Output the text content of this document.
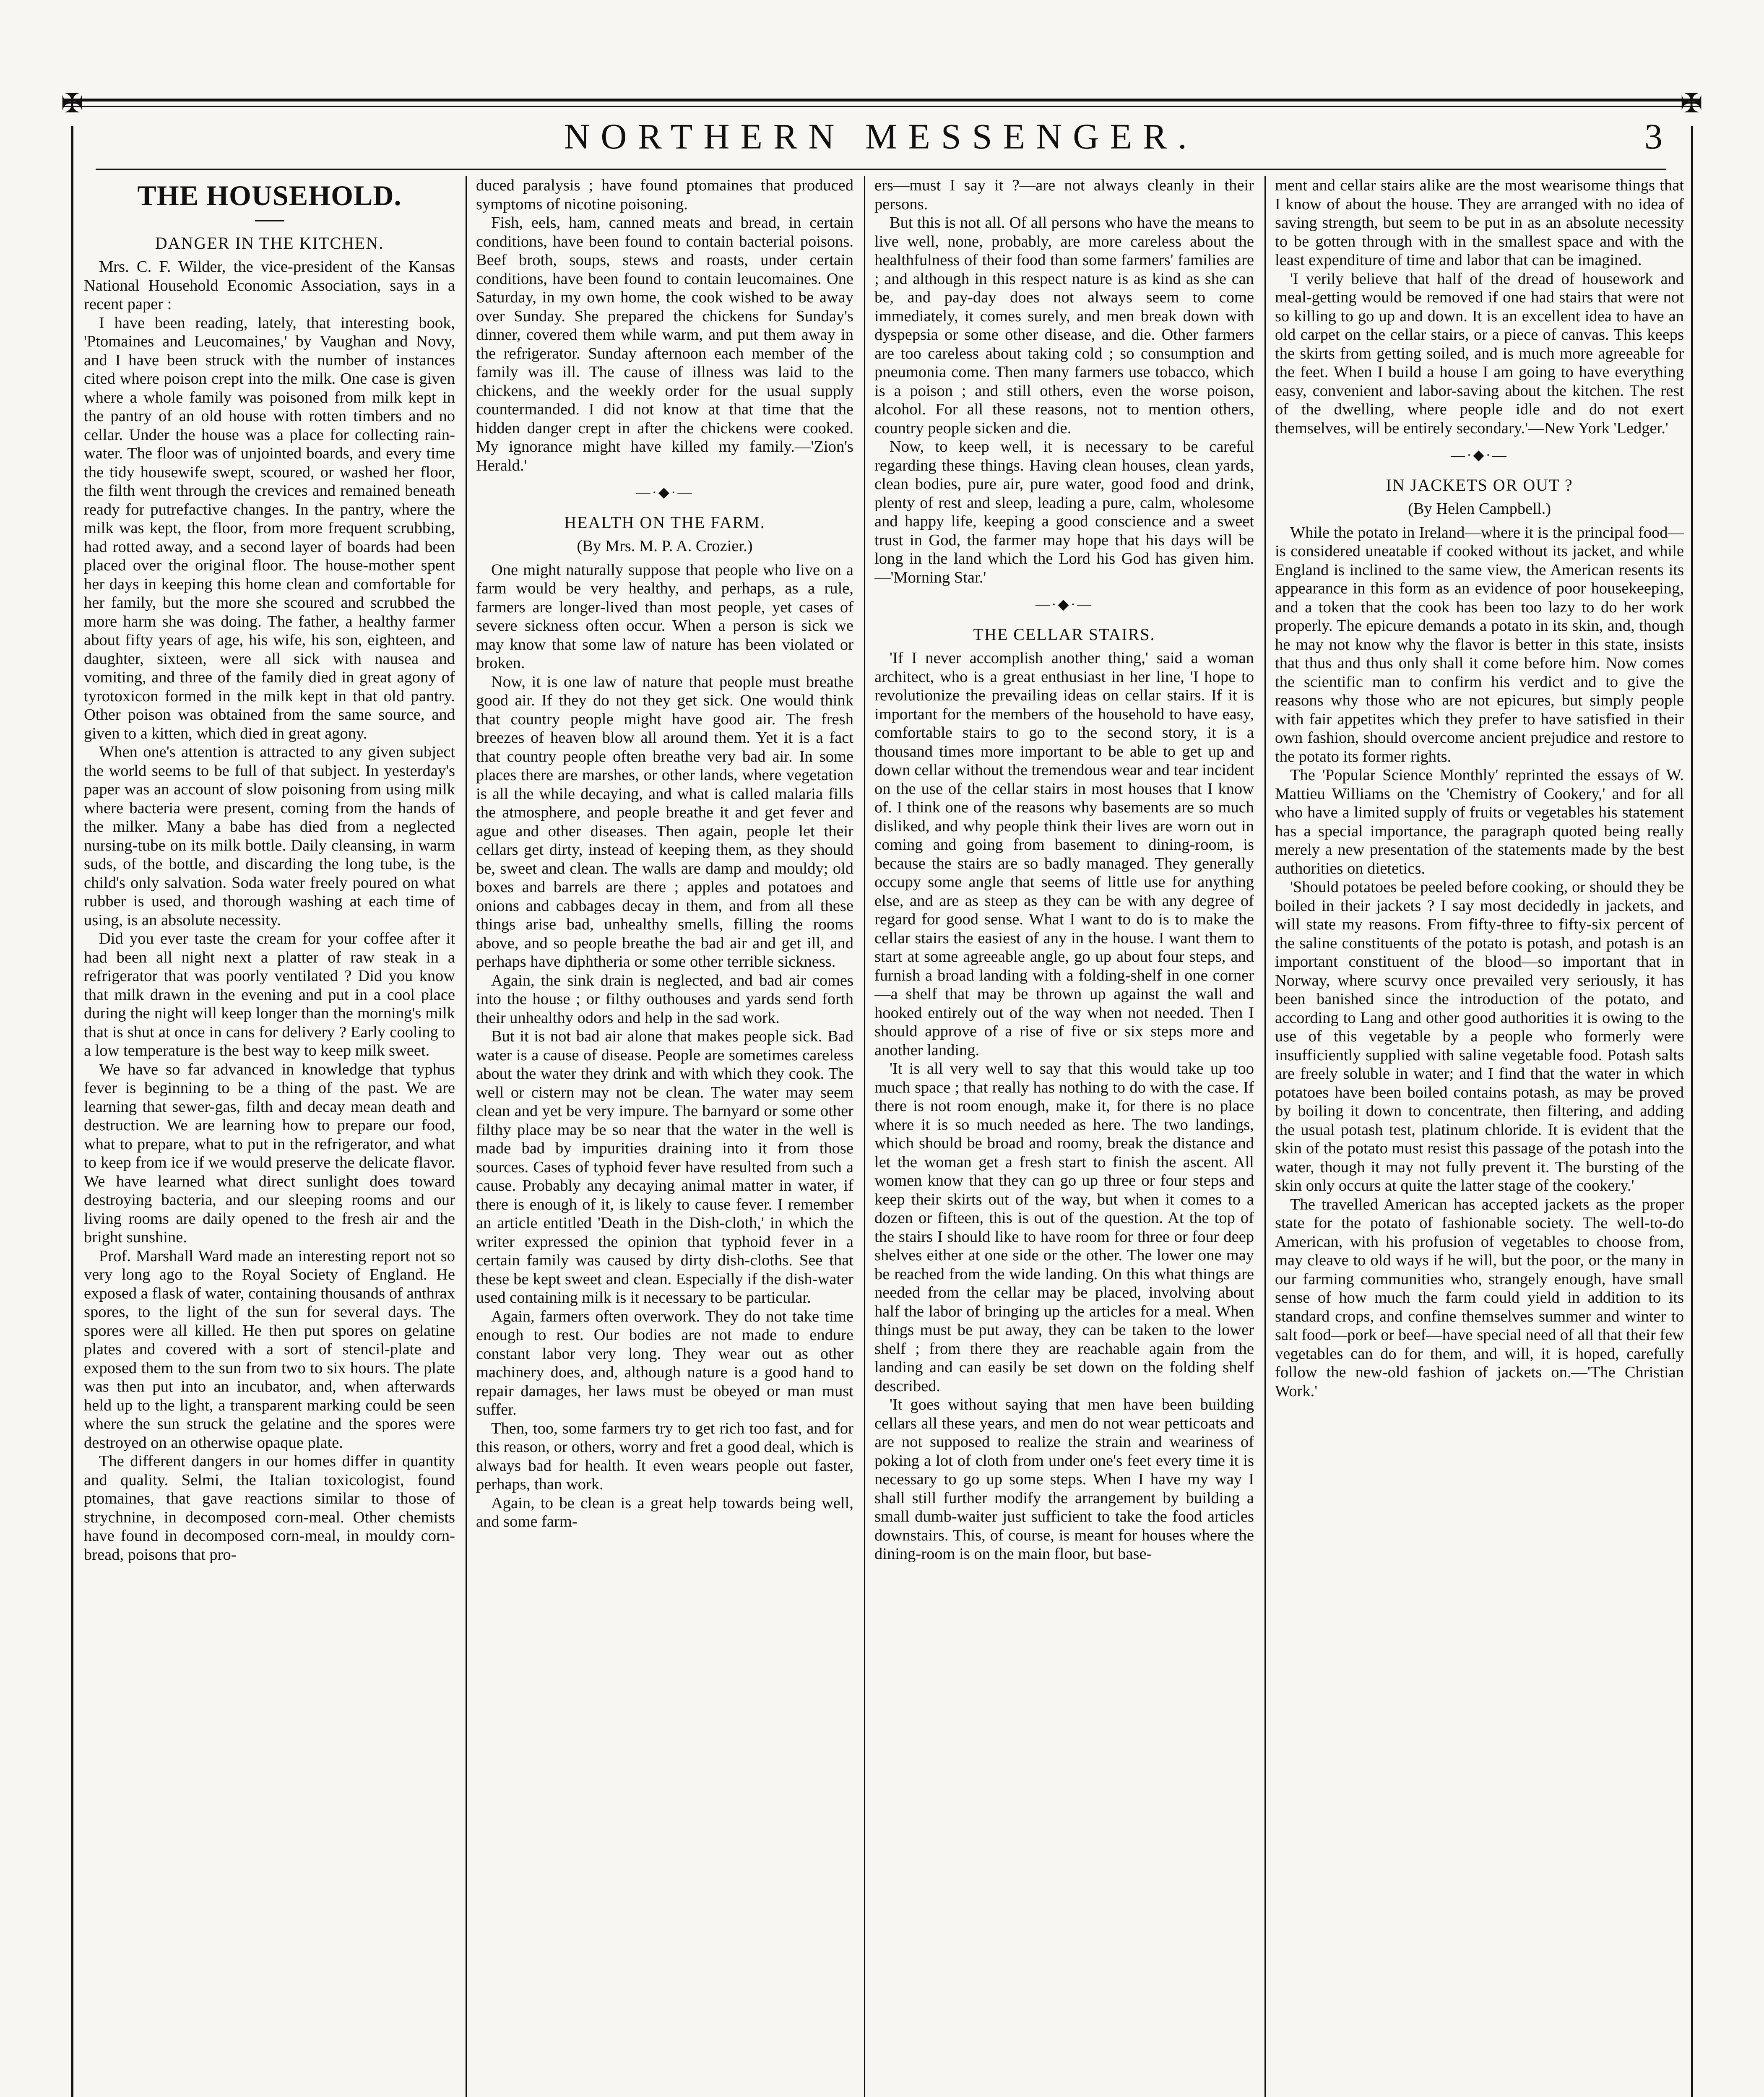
✠	✠
NORTHERN MESSENGER.	3
THE HOUSEHOLD.
DANGER IN THE KITCHEN.

Mrs. C. F. Wilder, the vice-president of the Kansas National Household Economic Association, says in a recent paper :

I have been reading, lately, that interesting book, 'Ptomaines and Leucomaines,' by Vaughan and Novy, and I have been struck with the number of instances cited where poison crept into the milk. One case is given where a whole family was poisoned from milk kept in the pantry of an old house with rotten timbers and no cellar. Under the house was a place for collecting rain-water. The floor was of unjointed boards, and every time the tidy housewife swept, scoured, or washed her floor, the filth went through the crevices and remained beneath ready for putrefactive changes. In the pantry, where the milk was kept, the floor, from more frequent scrubbing, had rotted away, and a second layer of boards had been placed over the original floor. The house-mother spent her days in keeping this home clean and comfortable for her family, but the more she scoured and scrubbed the more harm she was doing. The father, a healthy farmer about fifty years of age, his wife, his son, eighteen, and daughter, sixteen, were all sick with nausea and vomiting, and three of the family died in great agony of tyrotoxicon formed in the milk kept in that old pantry. Other poison was obtained from the same source, and given to a kitten, which died in great agony.

When one's attention is attracted to any given subject the world seems to be full of that subject. In yesterday's paper was an account of slow poisoning from using milk where bacteria were present, coming from the hands of the milker. Many a babe has died from a neglected nursing-tube on its milk bottle. Daily cleansing, in warm suds, of the bottle, and discarding the long tube, is the child's only salvation. Soda water freely poured on what rubber is used, and thorough washing at each time of using, is an absolute necessity.

Did you ever taste the cream for your coffee after it had been all night next a platter of raw steak in a refrigerator that was poorly ventilated ? Did you know that milk drawn in the evening and put in a cool place during the night will keep longer than the morning's milk that is shut at once in cans for delivery ? Early cooling to a low temperature is the best way to keep milk sweet.

We have so far advanced in knowledge that typhus fever is beginning to be a thing of the past. We are learning that sewer-gas, filth and decay mean death and destruction. We are learning how to prepare our food, what to prepare, what to put in the refrigerator, and what to keep from ice if we would preserve the delicate flavor. We have learned what direct sunlight does toward destroying bacteria, and our sleeping rooms and our living rooms are daily opened to the fresh air and the bright sunshine.

Prof. Marshall Ward made an interesting report not so very long ago to the Royal Society of England. He exposed a flask of water, containing thousands of anthrax spores, to the light of the sun for several days. The spores were all killed. He then put spores on gelatine plates and covered with a sort of stencil-plate and exposed them to the sun from two to six hours. The plate was then put into an incubator, and, when afterwards held up to the light, a transparent marking could be seen where the sun struck the gelatine and the spores were destroyed on an otherwise opaque plate.

The different dangers in our homes differ in quantity and quality. Selmi, the Italian toxicologist, found ptomaines, that gave reactions similar to those of strychnine, in decomposed corn-meal. Other chemists have found in decomposed corn-meal, in mouldy corn-bread, poisons that pro-

duced paralysis ; have found ptomaines that produced symptoms of nicotine poisoning.

Fish, eels, ham, canned meats and bread, in certain conditions, have been found to contain bacterial poisons. Beef broth, soups, stews and roasts, under certain conditions, have been found to contain leucomaines. One Saturday, in my own home, the cook wished to be away over Sunday. She prepared the chickens for Sunday's dinner, covered them while warm, and put them away in the refrigerator. Sunday afternoon each member of the family was ill. The cause of illness was laid to the chickens, and the weekly order for the usual supply countermanded. I did not know at that time that the hidden danger crept in after the chickens were cooked. My ignorance might have killed my family.—'Zion's Herald.'

—·◆·—
HEALTH ON THE FARM.
(By Mrs. M. P. A. Crozier.)

One might naturally suppose that people who live on a farm would be very healthy, and perhaps, as a rule, farmers are longer-lived than most people, yet cases of severe sickness often occur. When a person is sick we may know that some law of nature has been violated or broken.

Now, it is one law of nature that people must breathe good air. If they do not they get sick. One would think that country people might have good air. The fresh breezes of heaven blow all around them. Yet it is a fact that country people often breathe very bad air. In some places there are marshes, or other lands, where vegetation is all the while decaying, and what is called malaria fills the atmosphere, and people breathe it and get fever and ague and other diseases. Then again, people let their cellars get dirty, instead of keeping them, as they should be, sweet and clean. The walls are damp and mouldy; old boxes and barrels are there ; apples and potatoes and onions and cabbages decay in them, and from all these things arise bad, unhealthy smells, filling the rooms above, and so people breathe the bad air and get ill, and perhaps have diphtheria or some other terrible sickness.

Again, the sink drain is neglected, and bad air comes into the house ; or filthy outhouses and yards send forth their unhealthy odors and help in the sad work.

But it is not bad air alone that makes people sick. Bad water is a cause of disease. People are sometimes careless about the water they drink and with which they cook. The well or cistern may not be clean. The water may seem clean and yet be very impure. The barnyard or some other filthy place may be so near that the water in the well is made bad by impurities draining into it from those sources. Cases of typhoid fever have resulted from such a cause. Probably any decaying animal matter in water, if there is enough of it, is likely to cause fever. I remember an article entitled 'Death in the Dish-cloth,' in which the writer expressed the opinion that typhoid fever in a certain family was caused by dirty dish-cloths. See that these be kept sweet and clean. Especially if the dish-water used containing milk is it necessary to be particular.

Again, farmers often overwork. They do not take time enough to rest. Our bodies are not made to endure constant labor very long. They wear out as other machinery does, and, although nature is a good hand to repair damages, her laws must be obeyed or man must suffer.

Then, too, some farmers try to get rich too fast, and for this reason, or others, worry and fret a good deal, which is always bad for health. It even wears people out faster, perhaps, than work.

Again, to be clean is a great help towards being well, and some farm-

ers—must I say it ?—are not always cleanly in their persons.

But this is not all. Of all persons who have the means to live well, none, probably, are more careless about the healthfulness of their food than some farmers' families are ; and although in this respect nature is as kind as she can be, and pay-day does not always seem to come immediately, it comes surely, and men break down with dyspepsia or some other disease, and die. Other farmers are too careless about taking cold ; so consumption and pneumonia come. Then many farmers use tobacco, which is a poison ; and still others, even the worse poison, alcohol. For all these reasons, not to mention others, country people sicken and die.

Now, to keep well, it is necessary to be careful regarding these things. Having clean houses, clean yards, clean bodies, pure air, pure water, good food and drink, plenty of rest and sleep, leading a pure, calm, wholesome and happy life, keeping a good conscience and a sweet trust in God, the farmer may hope that his days will be long in the land which the Lord his God has given him.—'Morning Star.'

—·◆·—
THE CELLAR STAIRS.

'If I never accomplish another thing,' said a woman architect, who is a great enthusiast in her line, 'I hope to revolutionize the prevailing ideas on cellar stairs. If it is important for the members of the household to have easy, comfortable stairs to go to the second story, it is a thousand times more important to be able to get up and down cellar without the tremendous wear and tear incident on the use of the cellar stairs in most houses that I know of. I think one of the reasons why basements are so much disliked, and why people think their lives are worn out in coming and going from basement to dining-room, is because the stairs are so badly managed. They generally occupy some angle that seems of little use for anything else, and are as steep as they can be with any degree of regard for good sense. What I want to do is to make the cellar stairs the easiest of any in the house. I want them to start at some agreeable angle, go up about four steps, and furnish a broad landing with a folding-shelf in one corner—a shelf that may be thrown up against the wall and hooked entirely out of the way when not needed. Then I should approve of a rise of five or six steps more and another landing.

'It is all very well to say that this would take up too much space ; that really has nothing to do with the case. If there is not room enough, make it, for there is no place where it is so much needed as here. The two landings, which should be broad and roomy, break the distance and let the woman get a fresh start to finish the ascent. All women know that they can go up three or four steps and keep their skirts out of the way, but when it comes to a dozen or fifteen, this is out of the question. At the top of the stairs I should like to have room for three or four deep shelves either at one side or the other. The lower one may be reached from the wide landing. On this what things are needed from the cellar may be placed, involving about half the labor of bringing up the articles for a meal. When things must be put away, they can be taken to the lower shelf ; from there they are reachable again from the landing and can easily be set down on the folding shelf described.

'It goes without saying that men have been building cellars all these years, and men do not wear petticoats and are not supposed to realize the strain and weariness of poking a lot of cloth from under one's feet every time it is necessary to go up some steps. When I have my way I shall still further modify the arrangement by building a small dumb-waiter just sufficient to take the food articles downstairs. This, of course, is meant for houses where the dining-room is on the main floor, but base-

ment and cellar stairs alike are the most wearisome things that I know of about the house. They are arranged with no idea of saving strength, but seem to be put in as an absolute necessity to be gotten through with in the smallest space and with the least expenditure of time and labor that can be imagined.

'I verily believe that half of the dread of housework and meal-getting would be removed if one had stairs that were not so killing to go up and down. It is an excellent idea to have an old carpet on the cellar stairs, or a piece of canvas. This keeps the skirts from getting soiled, and is much more agreeable for the feet. When I build a house I am going to have everything easy, convenient and labor-saving about the kitchen. The rest of the dwelling, where people idle and do not exert themselves, will be entirely secondary.'—New York 'Ledger.'

—·◆·—
IN JACKETS OR OUT ?
(By Helen Campbell.)

While the potato in Ireland—where it is the principal food—is considered uneatable if cooked without its jacket, and while England is inclined to the same view, the American resents its appearance in this form as an evidence of poor housekeeping, and a token that the cook has been too lazy to do her work properly. The epicure demands a potato in its skin, and, though he may not know why the flavor is better in this state, insists that thus and thus only shall it come before him. Now comes the scientific man to confirm his verdict and to give the reasons why those who are not epicures, but simply people with fair appetites which they prefer to have satisfied in their own fashion, should overcome ancient prejudice and restore to the potato its former rights.

The 'Popular Science Monthly' reprinted the essays of W. Mattieu Williams on the 'Chemistry of Cookery,' and for all who have a limited supply of fruits or vegetables his statement has a special importance, the paragraph quoted being really merely a new presentation of the statements made by the best authorities on dietetics.

'Should potatoes be peeled before cooking, or should they be boiled in their jackets ? I say most decidedly in jackets, and will state my reasons. From fifty-three to fifty-six percent of the saline constituents of the potato is potash, and potash is an important constituent of the blood—so important that in Norway, where scurvy once prevailed very seriously, it has been banished since the introduction of the potato, and according to Lang and other good authorities it is owing to the use of this vegetable by a people who formerly were insufficiently supplied with saline vegetable food. Potash salts are freely soluble in water; and I find that the water in which potatoes have been boiled contains potash, as may be proved by boiling it down to concentrate, then filtering, and adding the usual potash test, platinum chloride. It is evident that the skin of the potato must resist this passage of the potash into the water, though it may not fully prevent it. The bursting of the skin only occurs at quite the latter stage of the cookery.'

The travelled American has accepted jackets as the proper state for the potato of fashionable society. The well-to-do American, with his profusion of vegetables to choose from, may cleave to old ways if he will, but the poor, or the many in our farming communities who, strangely enough, have small sense of how much the farm could yield in addition to its standard crops, and confine themselves summer and winter to salt food—pork or beef—have special need of all that their few vegetables can do for them, and will, it is hoped, carefully follow the new-old fashion of jackets on.—'The Christian Work.'
